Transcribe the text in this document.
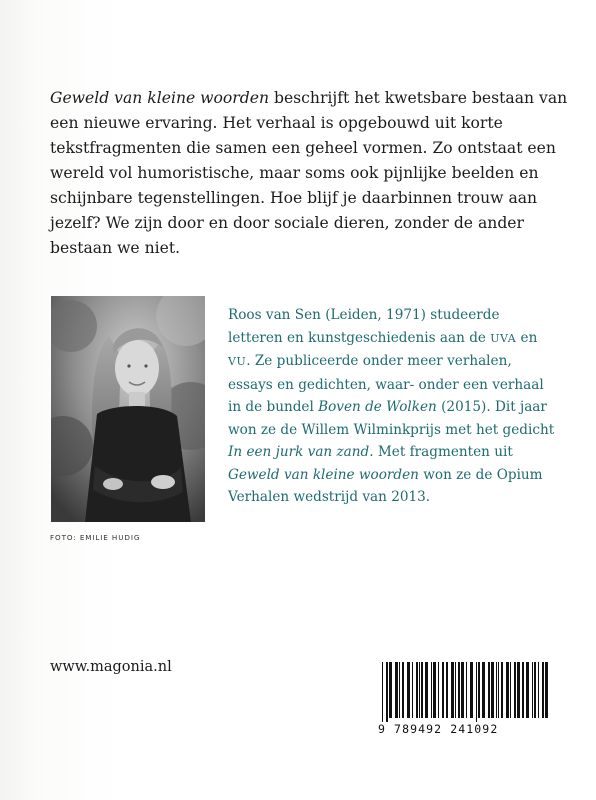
Geweld van kleine woorden beschrijft het kwetsbare bestaan van een nieuwe ervaring. Het verhaal is opgebouwd uit korte tekstfragmenten die samen een geheel vormen. Zo ontstaat een wereld vol humoristische, maar soms ook pijnlijke beelden en schijnbare tegenstellingen. Hoe blijf je daarbinnen trouw aan jezelf? We zijn door en door sociale dieren, zonder de ander bestaan we niet.

FOTO: EMILIE HUDIG

Roos van Sen (Leiden, 1971) studeerde letteren en kunstgeschiedenis aan de UVA en VU. Ze publiceerde onder meer verhalen, essays en gedichten, waar- onder een verhaal in de bundel Boven de Wolken (2015). Dit jaar won ze de Willem Wilminkprijs met het gedicht In een jurk van zand. Met fragmenten uit Geweld van kleine woorden won ze de Opium Verhalen wedstrijd van 2013.

www.magonia.nl
9 789492 241092
